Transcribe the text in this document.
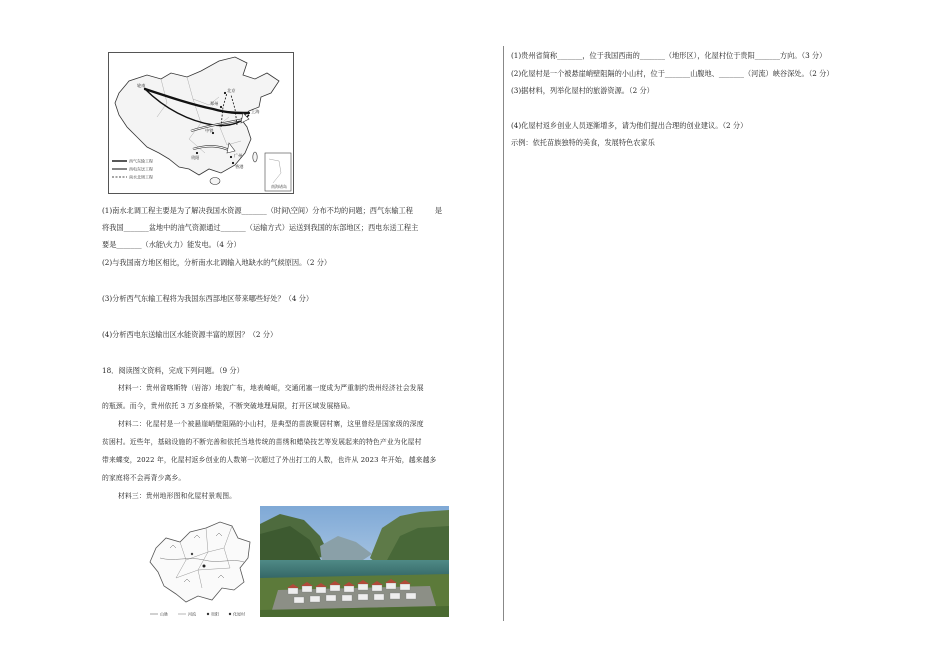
轮南
北京
郑州
上海
中铁
贵阳	广州
香港
西气东输工程
西电东送工程
南水北调工程
南海诸岛
(1)南水北调工程主要是为了解决我国水资源_______（时间\空间）分布不均的问题；西气东输工程	是
将我国_______盆地中的油气资源通过_______（运输方式）运送到我国的东部地区；西电东送工程主
要是_______（水能\火力）能发电。（4 分）
(2)与我国南方地区相比，分析南水北调输入地缺水的气候原因。（2 分）
(3)分析西气东输工程将为我国东西部地区带来哪些好处？（4 分）
(4)分析西电东送输出区水能资源丰富的原因？（2 分）
18．阅读图文资料，完成下列问题。（9 分）
材料一：贵州省喀斯特（岩溶）地貌广布，地表崎岖，交通闭塞一度成为严重制约贵州经济社会发展
的瓶颈。而今，贵州依托 3 万多座桥梁，不断突破地理局限，打开区域发展格局。
材料二：化屋村是一个被悬崖峭壁阻隔的小山村，是典型的苗族聚居村寨，这里曾经是国家级的深度
贫困村。近些年，基础设施的不断完善和依托当地传统的苗绣和蜡染技艺等发展起来的特色产业为化屋村
带来蝶变，2022 年，化屋村返乡创业的人数第一次超过了外出打工的人数，也许从 2023 年开始，越来越多
的家庭将不会再背少离乡。
材料三：贵州地形图和化屋村景观图。
山脉	河流	贵阳	化屋村
(1)贵州省简称_______，位于我国西南的_______（地形区），化屋村位于贵阳_______方向。（3 分）
(2)化屋村是一个被悬崖峭壁阻隔的小山村，位于_______山腹地、_______（河流）峡谷深处。（2 分）
(3)据材料，列举化屋村的旅游资源。（2 分）
(4)化屋村返乡创业人员逐渐增多，请为他们提出合理的创业建议。（2 分）
示例：依托苗族独特的美食，发展特色农家乐
